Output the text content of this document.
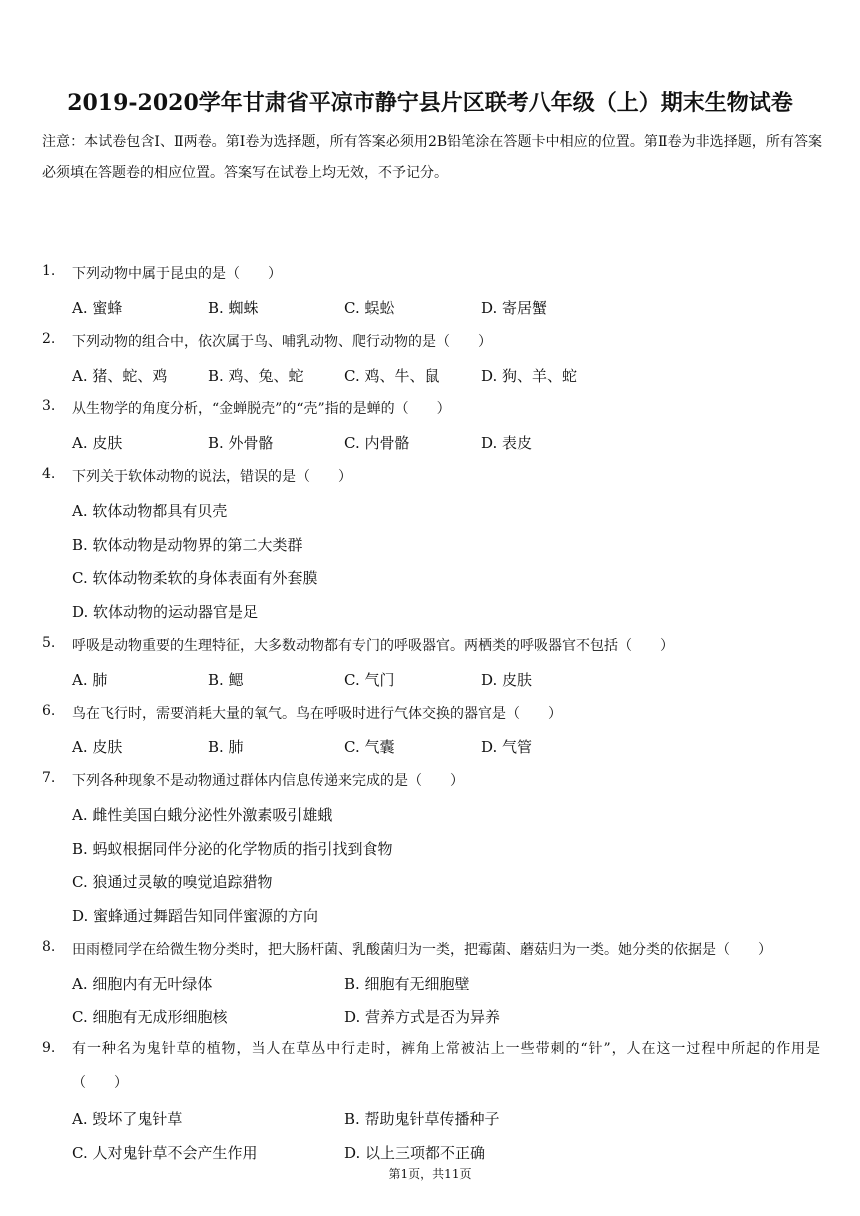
2019-2020学年甘肃省平凉市静宁县片区联考八年级（上）期末生物试卷
注意：本试卷包含Ⅰ、Ⅱ两卷。第Ⅰ卷为选择题，所有答案必须用2B铅笔涂在答题卡中相应的位置。第Ⅱ卷为非选择题，所有答案必须填在答题卷的相应位置。答案写在试卷上均无效，不予记分。
1. 下列动物中属于昆虫的是（　　）
A. 蜜蜂	B. 蜘蛛	C. 蜈蚣	D. 寄居蟹
2. 下列动物的组合中，依次属于鸟、哺乳动物、爬行动物的是（　　）
A. 猪、蛇、鸡	B. 鸡、兔、蛇	C. 鸡、牛、鼠	D. 狗、羊、蛇
3. 从生物学的角度分析，“金蝉脱壳”的“壳”指的是蝉的（　　）
A. 皮肤	B. 外骨骼	C. 内骨骼	D. 表皮
4. 下列关于软体动物的说法，错误的是（　　）
A. 软体动物都具有贝壳
B. 软体动物是动物界的第二大类群
C. 软体动物柔软的身体表面有外套膜
D. 软体动物的运动器官是足
5. 呼吸是动物重要的生理特征，大多数动物都有专门的呼吸器官。两栖类的呼吸器官不包括（　　）
A. 肺	B. 鳃	C. 气门	D. 皮肤
6. 鸟在飞行时，需要消耗大量的氧气。鸟在呼吸时进行气体交换的器官是（　　）
A. 皮肤	B. 肺	C. 气囊	D. 气管
7. 下列各种现象不是动物通过群体内信息传递来完成的是（　　）
A. 雌性美国白蛾分泌性外激素吸引雄蛾
B. 蚂蚁根据同伴分泌的化学物质的指引找到食物
C. 狼通过灵敏的嗅觉追踪猎物
D. 蜜蜂通过舞蹈告知同伴蜜源的方向
8. 田雨橙同学在给微生物分类时，把大肠杆菌、乳酸菌归为一类，把霉菌、蘑菇归为一类。她分类的依据是（　　）
A. 细胞内有无叶绿体	B. 细胞有无细胞壁
C. 细胞有无成形细胞核	D. 营养方式是否为异养
9. 有一种名为鬼针草的植物，当人在草丛中行走时，裤角上常被沾上一些带刺的“针”，人在这一过程中所起的作用是（　　）
A. 毁坏了鬼针草	B. 帮助鬼针草传播种子
C. 人对鬼针草不会产生作用	D. 以上三项都不正确
第1页，共11页
